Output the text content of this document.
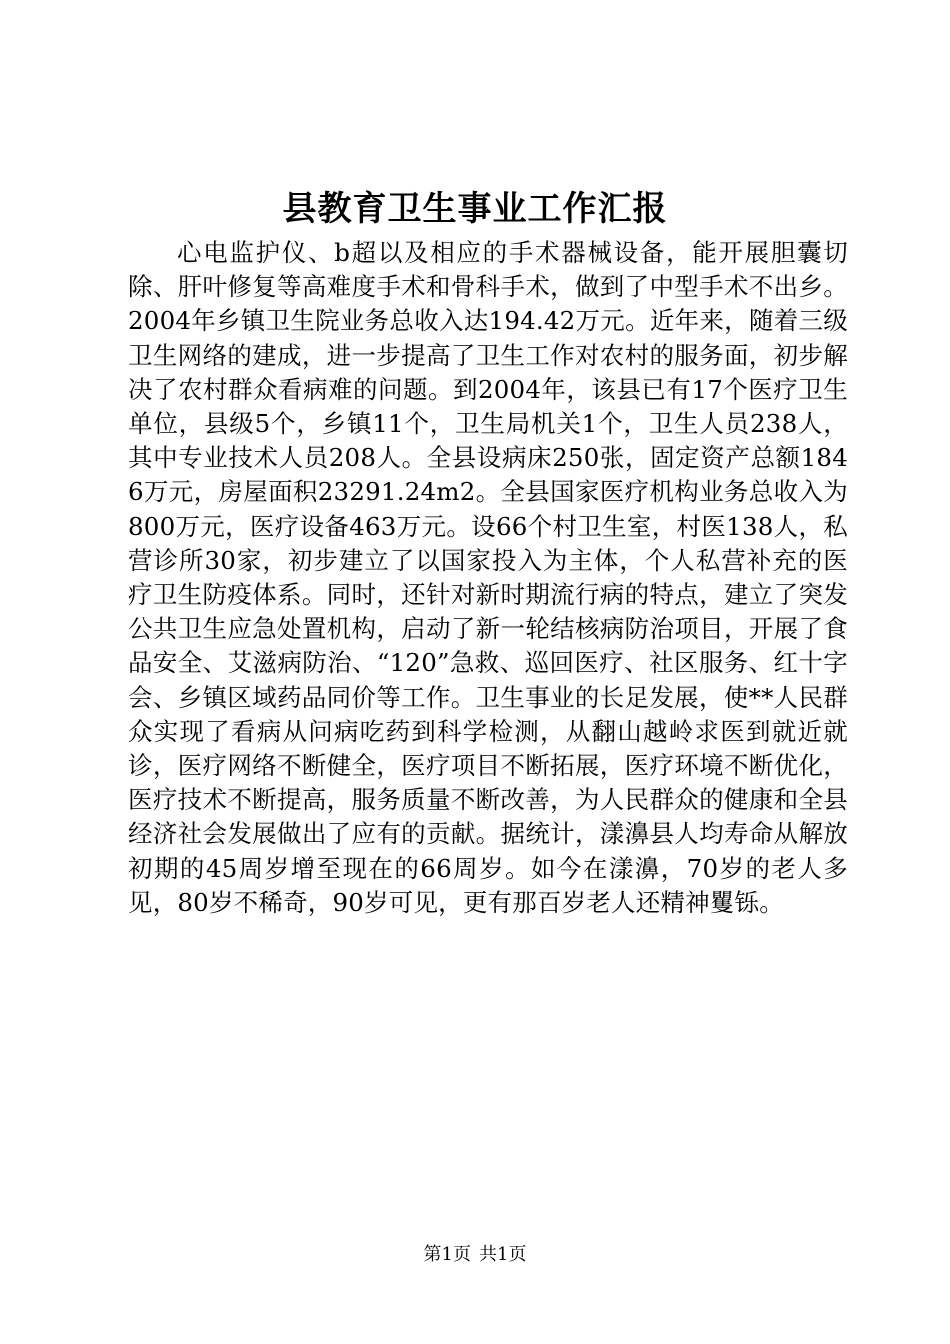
县教育卫生事业工作汇报

心电监护仪、b超以及相应的手术器械设备，能开展胆囊切除、肝叶修复等高难度手术和骨科手术，做到了中型手术不出乡。2004年乡镇卫生院业务总收入达194.42万元。近年来，随着三级卫生网络的建成，进一步提高了卫生工作对农村的服务面，初步解决了农村群众看病难的问题。到2004年，该县已有17个医疗卫生单位，县级5个，乡镇11个，卫生局机关1个，卫生人员238人，其中专业技术人员208人。全县设病床250张，固定资产总额1846万元，房屋面积23291.24m2。全县国家医疗机构业务总收入为800万元，医疗设备463万元。设66个村卫生室，村医138人，私营诊所30家，初步建立了以国家投入为主体，个人私营补充的医疗卫生防疫体系。同时，还针对新时期流行病的特点，建立了突发公共卫生应急处置机构，启动了新一轮结核病防治项目，开展了食品安全、艾滋病防治、“120”急救、巡回医疗、社区服务、红十字会、乡镇区域药品同价等工作。卫生事业的长足发展，使**人民群众实现了看病从问病吃药到科学检测，从翻山越岭求医到就近就诊，医疗网络不断健全，医疗项目不断拓展，医疗环境不断优化，医疗技术不断提高，服务质量不断改善，为人民群众的健康和全县经济社会发展做出了应有的贡献。据统计，漾濞县人均寿命从解放初期的45周岁增至现在的66周岁。如今在漾濞，70岁的老人多见，80岁不稀奇，90岁可见，更有那百岁老人还精神矍铄。

第1页 共1页
